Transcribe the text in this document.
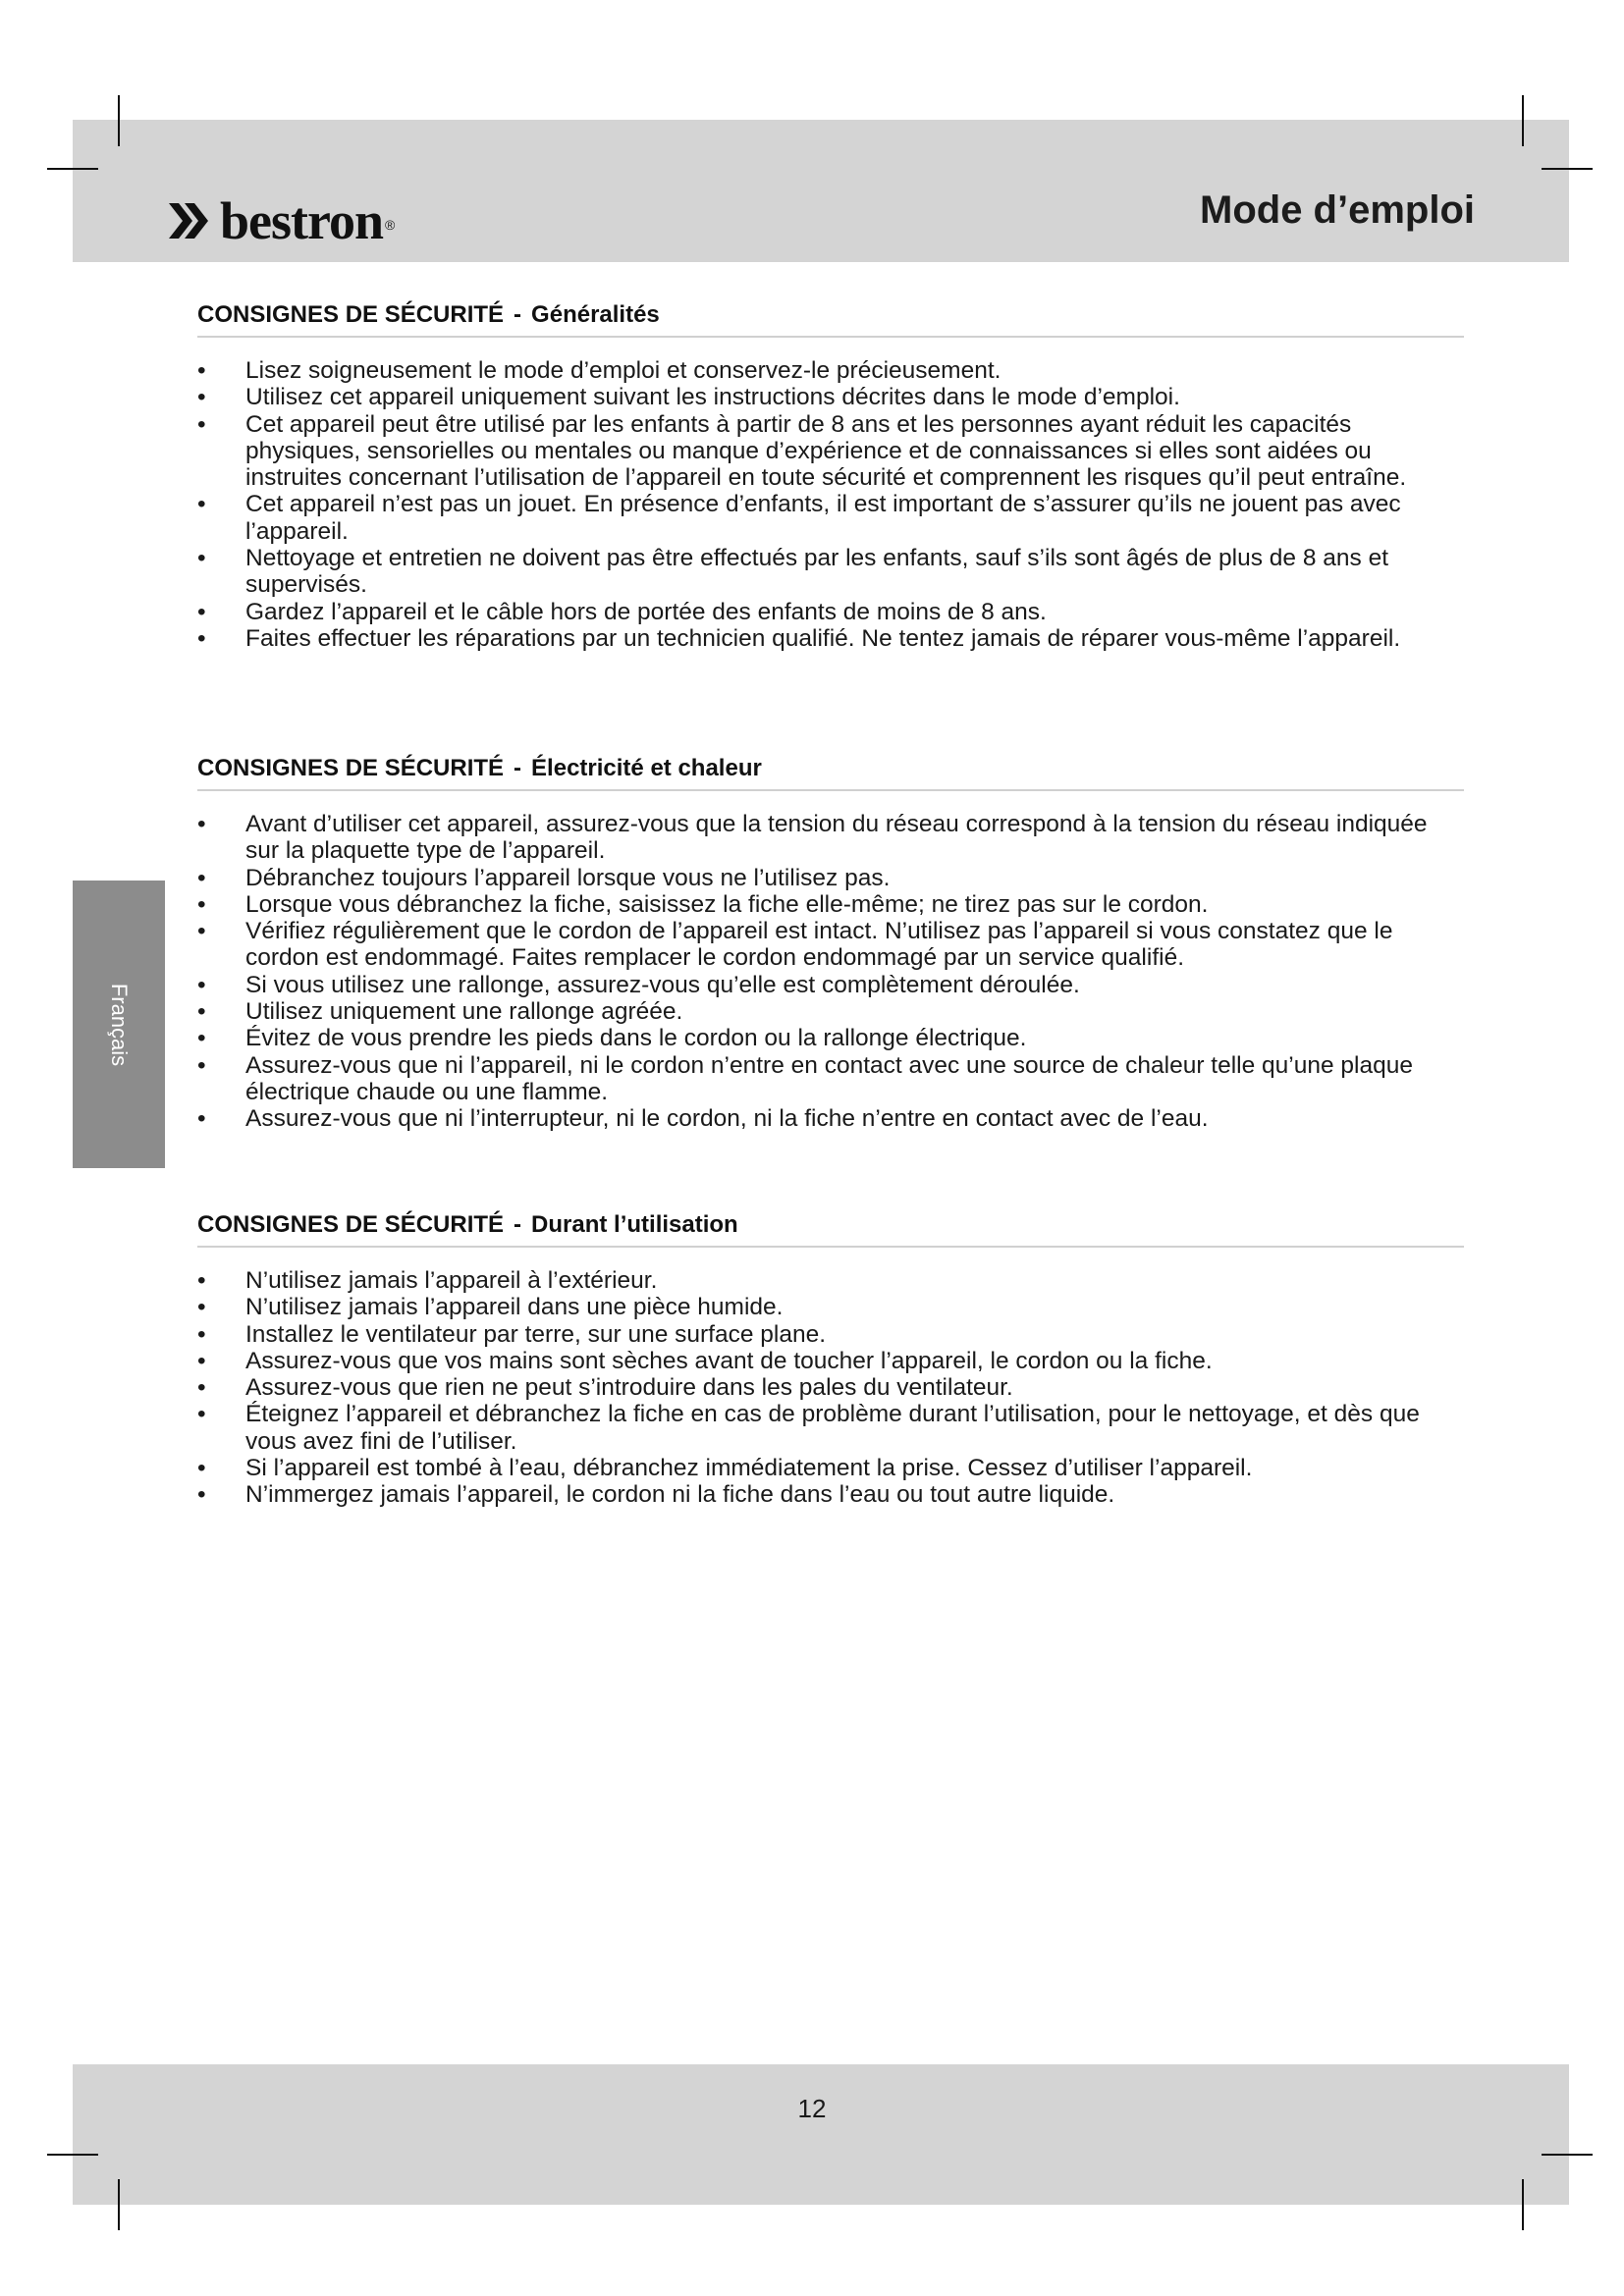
bestron ®	Mode d’emploi
Français
CONSIGNES DE SÉCURITÉ - Généralités
• Lisez soigneusement le mode d’emploi et conservez-le précieusement.
• Utilisez cet appareil uniquement suivant les instructions décrites dans le mode d’emploi.
• Cet appareil peut être utilisé par les enfants à partir de 8 ans et les personnes ayant réduit les capacités physiques, sensorielles ou mentales ou manque d’expérience et de connaissances si elles sont aidées ou instruites concernant l’utilisation de l’appareil en toute sécurité et comprennent les risques qu’il peut entraîne.
• Cet appareil n’est pas un jouet. En présence d’enfants, il est important de s’assurer qu’ils ne jouent pas avec l’appareil.
• Nettoyage et entretien ne doivent pas être effectués par les enfants, sauf s’ils sont âgés de plus de 8 ans et supervisés.
• Gardez l’appareil et le câble hors de portée des enfants de moins de 8 ans.
• Faites effectuer les réparations par un technicien qualifié. Ne tentez jamais de réparer vous-même l’appareil.
CONSIGNES DE SÉCURITÉ - Électricité et chaleur
• Avant d’utiliser cet appareil, assurez-vous que la tension du réseau correspond à la tension du réseau indiquée sur la plaquette type de l’appareil.
• Débranchez toujours l’appareil lorsque vous ne l’utilisez pas.
• Lorsque vous débranchez la fiche, saisissez la fiche elle-même; ne tirez pas sur le cordon.
• Vérifiez régulièrement que le cordon de l’appareil est intact. N’utilisez pas l’appareil si vous constatez que le cordon est endommagé. Faites remplacer le cordon endommagé par un service qualifié.
• Si vous utilisez une rallonge, assurez-vous qu’elle est complètement déroulée.
• Utilisez uniquement une rallonge agréée.
• Évitez de vous prendre les pieds dans le cordon ou la rallonge électrique.
• Assurez-vous que ni l’appareil, ni le cordon n’entre en contact avec une source de chaleur telle qu’une plaque électrique chaude ou une flamme.
• Assurez-vous que ni l’interrupteur, ni le cordon, ni la fiche n’entre en contact avec de l’eau.
CONSIGNES DE SÉCURITÉ - Durant l’utilisation
• N’utilisez jamais l’appareil à l’extérieur.
• N’utilisez jamais l’appareil dans une pièce humide.
• Installez le ventilateur par terre, sur une surface plane.
• Assurez-vous que vos mains sont sèches avant de toucher l’appareil, le cordon ou la fiche.
• Assurez-vous que rien ne peut s’introduire dans les pales du ventilateur.
• Éteignez l’appareil et débranchez la fiche en cas de problème durant l’utilisation, pour le nettoyage, et dès que vous avez fini de l’utiliser.
• Si l’appareil est tombé à l’eau, débranchez immédiatement la prise. Cessez d’utiliser l’appareil.
• N’immergez jamais l’appareil, le cordon ni la fiche dans l’eau ou tout autre liquide.
12
